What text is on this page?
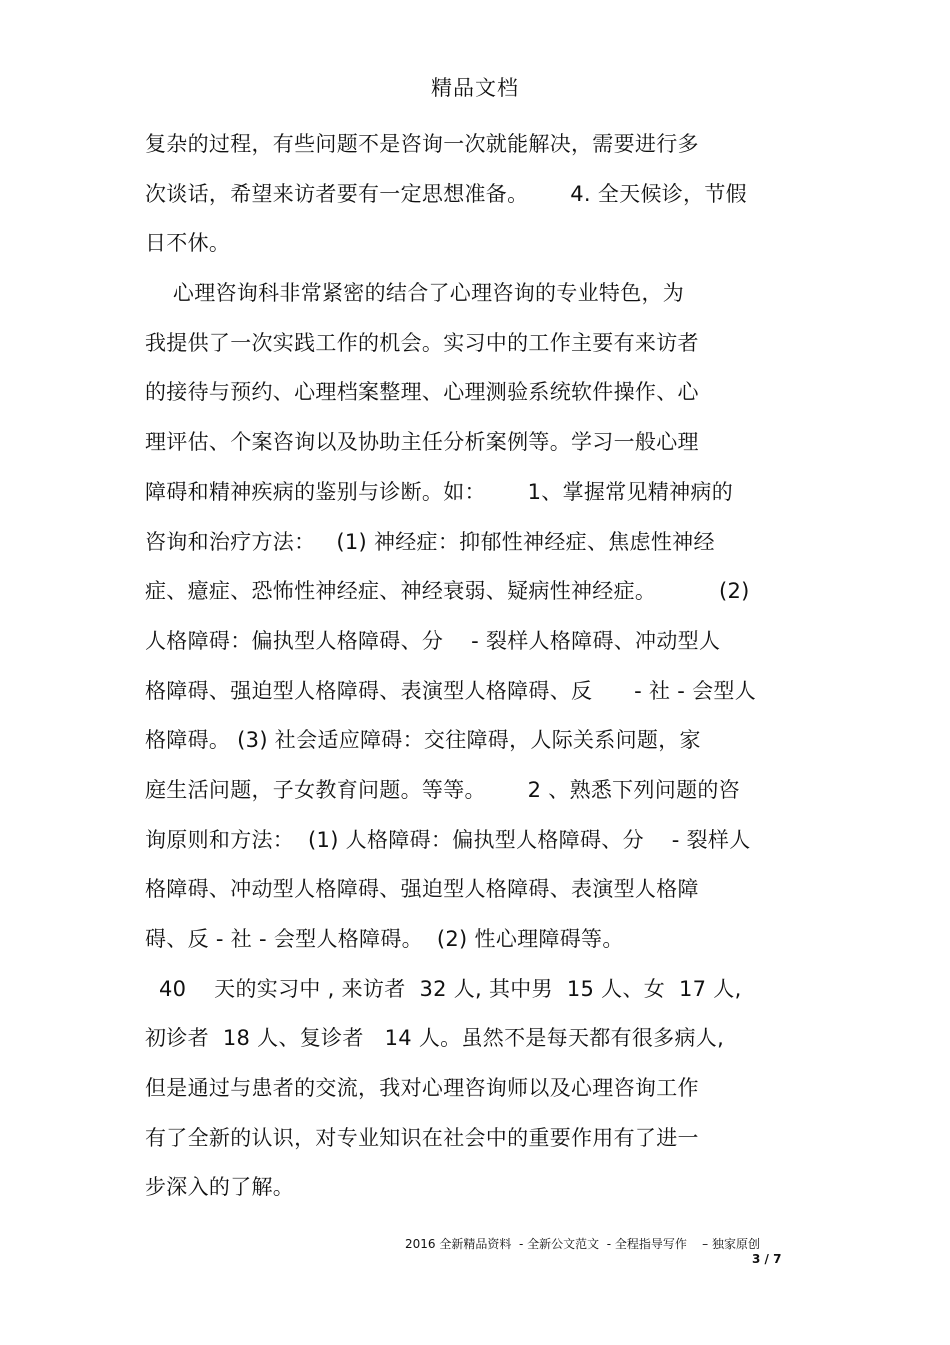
精品文档
复杂的过程，有些问题不是咨询一次就能解决，需要进行多
次谈话，希望来访者要有一定思想准备。      4. 全天候诊，节假
日不休。
心理咨询科非常紧密的结合了心理咨询的专业特色，为
我提供了一次实践工作的机会。实习中的工作主要有来访者
的接待与预约、心理档案整理、心理测验系统软件操作、心
理评估、个案咨询以及协助主任分析案例等。学习一般心理
障碍和精神疾病的鉴别与诊断。如：      1、掌握常见精神病的
咨询和治疗方法：   (1) 神经症：抑郁性神经症、焦虑性神经
症、癔症、恐怖性神经症、神经衰弱、疑病性神经症。         (2)
人格障碍：偏执型人格障碍、分    - 裂样人格障碍、冲动型人
格障碍、强迫型人格障碍、表演型人格障碍、反      - 社 - 会型人
格障碍。 (3) 社会适应障碍：交往障碍，人际关系问题，家
庭生活问题，子女教育问题。等等。      2 、熟悉下列问题的咨
询原则和方法：  (1) 人格障碍：偏执型人格障碍、分    - 裂样人
格障碍、冲动型人格障碍、强迫型人格障碍、表演型人格障
碍、反 - 社 - 会型人格障碍。  (2) 性心理障碍等。
40    天的实习中 , 来访者  32 人, 其中男  15 人、女  17 人,
初诊者  18 人、复诊者   14 人。虽然不是每天都有很多病人,
但是通过与患者的交流，我对心理咨询师以及心理咨询工作
有了全新的认识，对专业知识在社会中的重要作用有了进一
步深入的了解。
2016 全新精品资料  - 全新公文范文  - 全程指导写作    – 独家原创
3 / 7
